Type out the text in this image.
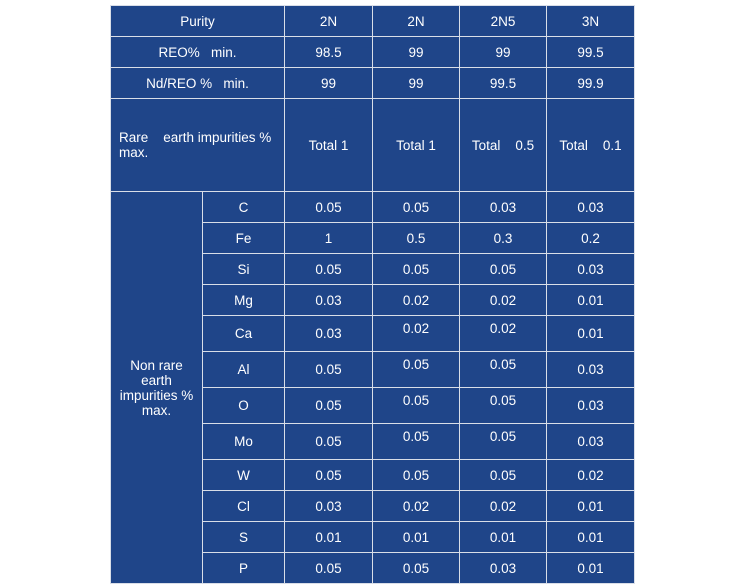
Purity		2N	2N	2N5	3N
REO%   min.		98.5	99	99	99.5
Nd/REO %   min.		99	99	99.5	99.9
Rare    earth impurities % max.		Total 1	Total 1	Total    0.5	Total    0.1
Non rare earth impurities % max.	C	0.05	0.05	0.03	0.03
	Fe	1	0.5	0.3	0.2
	Si	0.05	0.05	0.05	0.03
	Mg	0.03	0.02	0.02	0.01
	Ca	0.03	0.02	0.02	0.01
	Al	0.05	0.05	0.05	0.03
	O	0.05	0.05	0.05	0.03
	Mo	0.05	0.05	0.05	0.03
	W	0.05	0.05	0.05	0.02
	Cl	0.03	0.02	0.02	0.01
	S	0.01	0.01	0.01	0.01
	P	0.05	0.05	0.03	0.01
